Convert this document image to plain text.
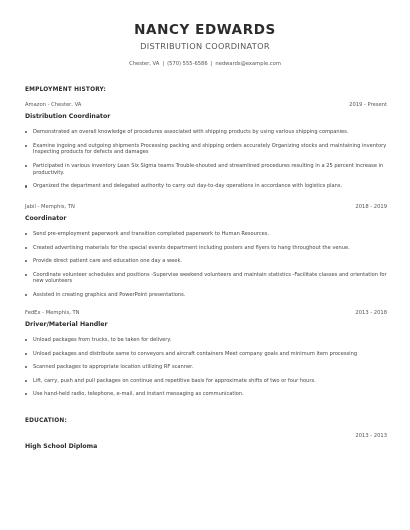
NANCY EDWARDS
DISTRIBUTION COORDINATOR
Chester, VA | (570) 555-6586 | nedwards@example.com
EMPLOYMENT HISTORY:
Amazon - Chester, VA	2019 - Present
Distribution Coordinator
Demonstrated an overall knowledge of procedures associated with shipping products by using various shipping companies.
Examine ingoing and outgoing shipments Processing packing and shipping orders accurately Organizing stocks and maintaining inventory Inspecting products for defects and damages
Participated in various inventory Lean Six Sigma teams Trouble-shouted and streamlined procedures resulting in a 25 percent increase in productivity.
Organized the department and delegated authority to carry out day-to-day operations in accordance with logistics plans.
Jabil - Memphis, TN	2018 - 2019
Coordinator
Send pre-employment paperwork and transition completed paperwork to Human Resources.
Created advertising materials for the special events department including posters and flyers to hang throughout the venue.
Provide direct patient care and education one day a week.
Coordinate volunteer schedules and positions -Supervise weekend volunteers and maintain statistics -Facilitate classes and orientation for new volunteers
Assisted in creating graphics and PowerPoint presentations.
FedEx - Memphis, TN	2013 - 2018
Driver/Material Handler
Unload packages from trucks, to be taken for delivery.
Unload packages and distribute same to conveyors and aircraft containers Meet company goals and minimum item processing
Scanned packages to appropriate location utilizing RF scanner.
Lift, carry, push and pull packages on continue and repetitive basis for approximate shifts of two or four hours.
Use hand-held radio, telephone, e-mail, and instant messaging as communication.
EDUCATION:
High School Diploma
2013 - 2013
